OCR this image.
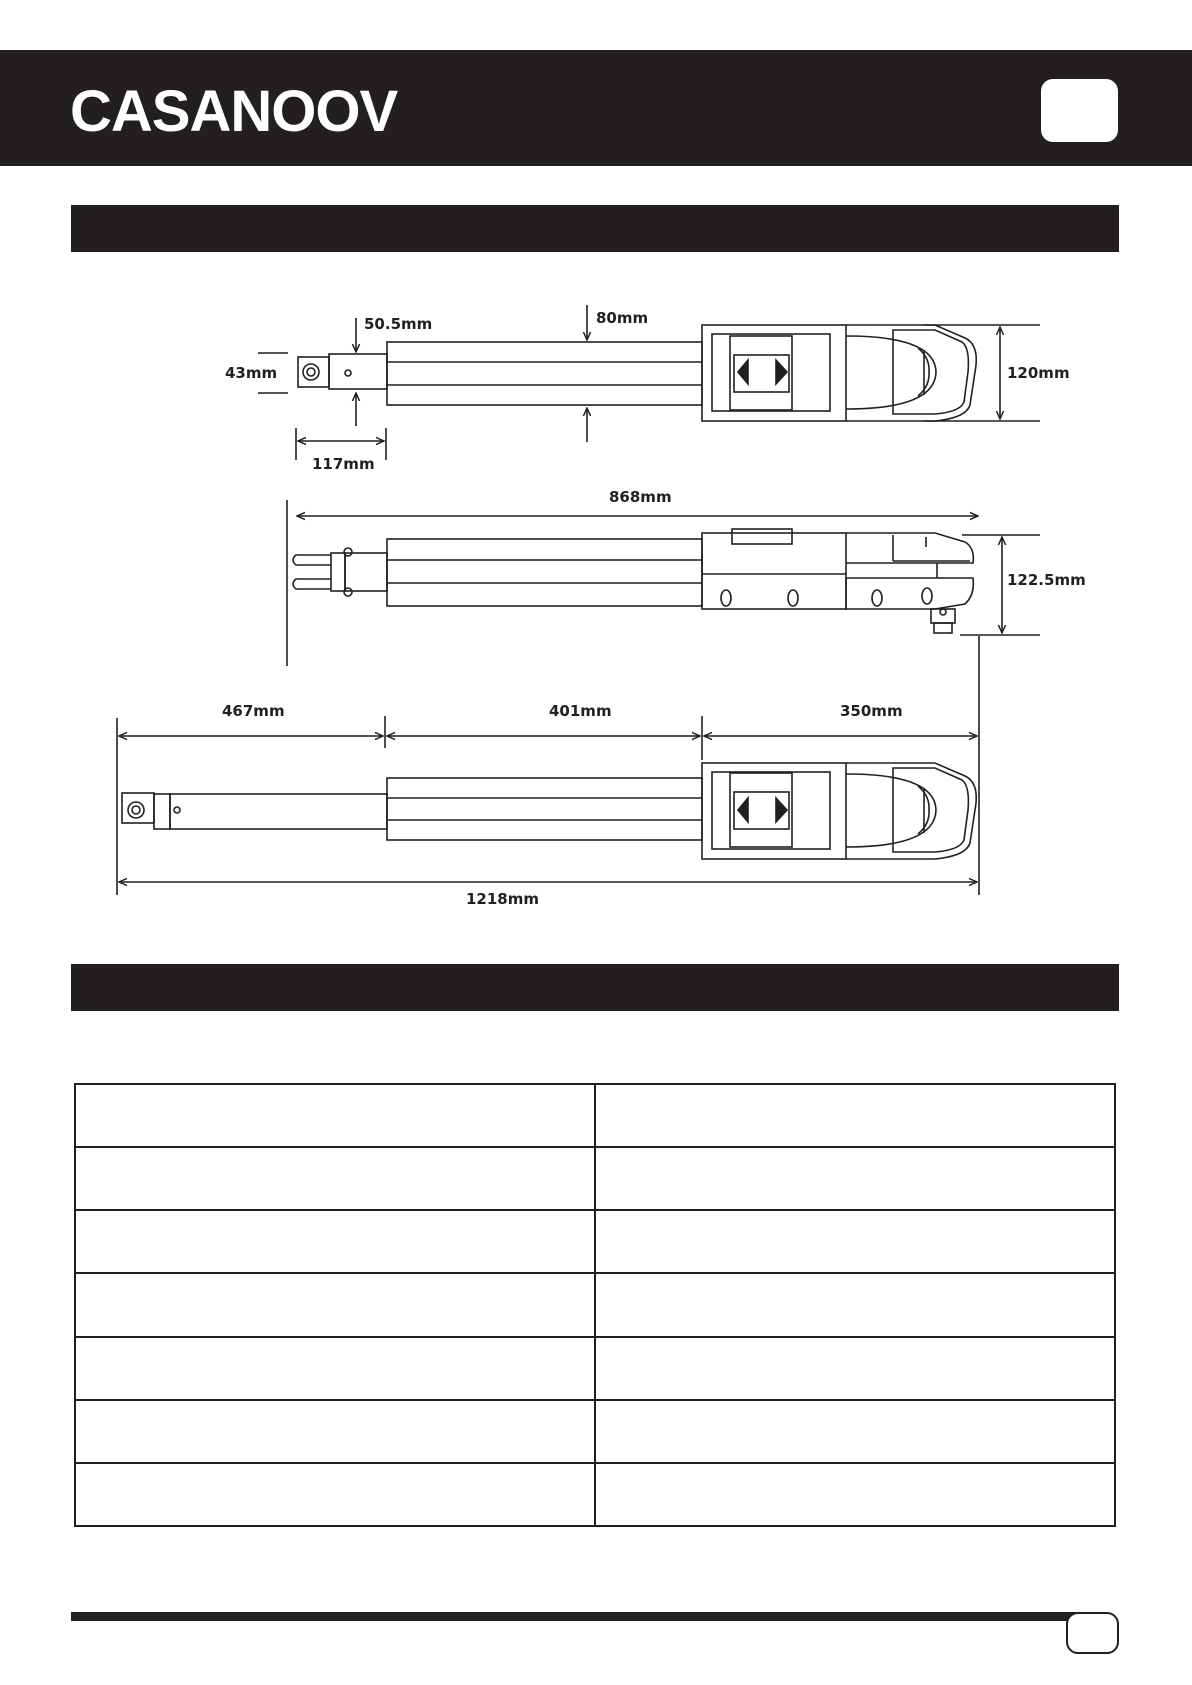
CASANOOV
43mm
50.5mm	80mm
120mm
117mm
868mm
122.5mm
467mm	401mm	350mm
1218mm
